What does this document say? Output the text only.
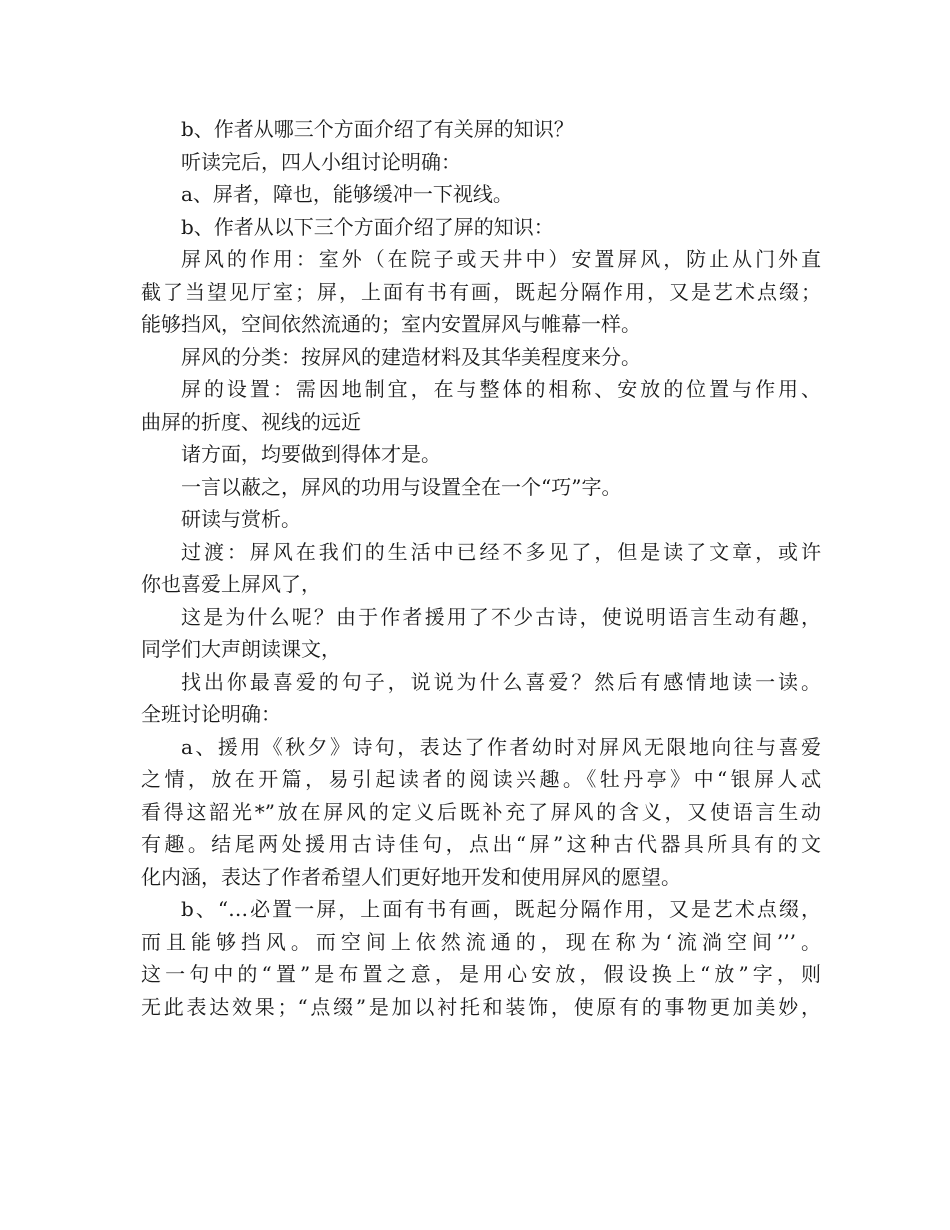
b、作者从哪三个方面介绍了有关屏的知识？
听读完后，四人小组讨论明确：
a、屏者，障也，能够缓冲一下视线。
b、作者从以下三个方面介绍了屏的知识：
屏风的作用：室外（在院子或天井中）安置屏风，防止从门外直
截了当望见厅室；屏，上面有书有画，既起分隔作用，又是艺术点缀；
能够挡风，空间依然流通的；室内安置屏风与帷幕一样。
屏风的分类：按屏风的建造材料及其华美程度来分。
屏的设置：需因地制宜，在与整体的相称、安放的位置与作用、
曲屏的折度、视线的远近
诸方面，均要做到得体才是。
一言以蔽之，屏风的功用与设置全在一个“巧”字。
研读与赏析。
过渡：屏风在我们的生活中已经不多见了，但是读了文章，或许
你也喜爱上屏风了，
这是为什么呢？由于作者援用了不少古诗，使说明语言生动有趣，
同学们大声朗读课文，
找出你最喜爱的句子，说说为什么喜爱？然后有感情地读一读。
全班讨论明确：
a、援用《秋夕》诗句，表达了作者幼时对屏风无限地向往与喜爱
之情，放在开篇，易引起读者的阅读兴趣。《牡丹亭》中“银屏人忒
看得这韶光*”放在屏风的定义后既补充了屏风的含义，又使语言生动
有趣。结尾两处援用古诗佳句，点出“屏”这种古代器具所具有的文
化内涵，表达了作者希望人们更好地开发和使用屏风的愿望。
b、“…必置一屏，上面有书有画，既起分隔作用，又是艺术点缀，
而且能够挡风。而空间上依然流通的，现在称为‘流淌空间’’’。
这一句中的“置”是布置之意，是用心安放，假设换上“放”字，则
无此表达效果；“点缀”是加以衬托和装饰，使原有的事物更加美妙，
